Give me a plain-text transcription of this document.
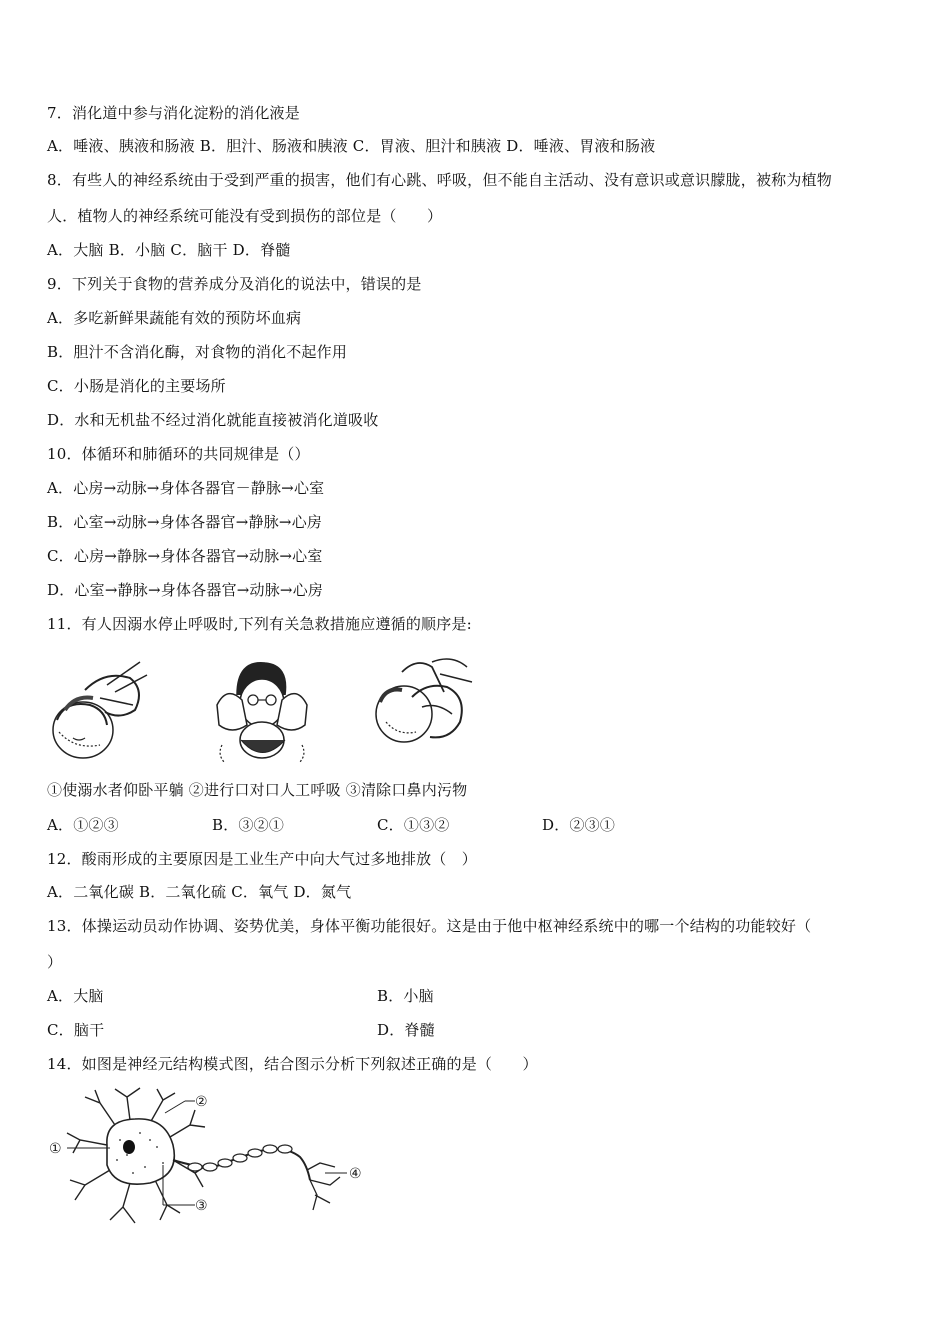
7．消化道中参与消化淀粉的消化液是
A．唾液、胰液和肠液 B．胆汁、肠液和胰液 C．胃液、胆汁和胰液 D．唾液、胃液和肠液
8．有些人的神经系统由于受到严重的损害，他们有心跳、呼吸，但不能自主活动、没有意识或意识朦胧，被称为植物
人．植物人的神经系统可能没有受到损伤的部位是（　　）
A．大脑 B．小脑 C．脑干 D．脊髓
9．下列关于食物的营养成分及消化的说法中，错误的是
A．多吃新鲜果蔬能有效的预防坏血病
B．胆汁不含消化酶，对食物的消化不起作用
C．小肠是消化的主要场所
D．水和无机盐不经过消化就能直接被消化道吸收
10．体循环和肺循环的共同规律是（）
A．心房→动脉→身体各器官－静脉→心室
B．心室→动脉→身体各器官→静脉→心房
C．心房→静脉→身体各器官→动脉→心室
D．心室→静脉→身体各器官→动脉→心房
11．有人因溺水停止呼吸时,下列有关急救措施应遵循的顺序是:
①使溺水者仰卧平躺 ②进行口对口人工呼吸 ③清除口鼻内污物
A．①②③	B．③②①	C．①③②	D．②③①
12．酸雨形成的主要原因是工业生产中向大气过多地排放（　）
A．二氧化碳 B．二氧化硫 C．氧气 D．氮气
13．体操运动员动作协调、姿势优美，身体平衡功能很好。这是由于他中枢神经系统中的哪一个结构的功能较好（
）
A．大脑	B．小脑
C．脑干	D．脊髓
14．如图是神经元结构模式图，结合图示分析下列叙述正确的是（　　）
①
②
③
④
